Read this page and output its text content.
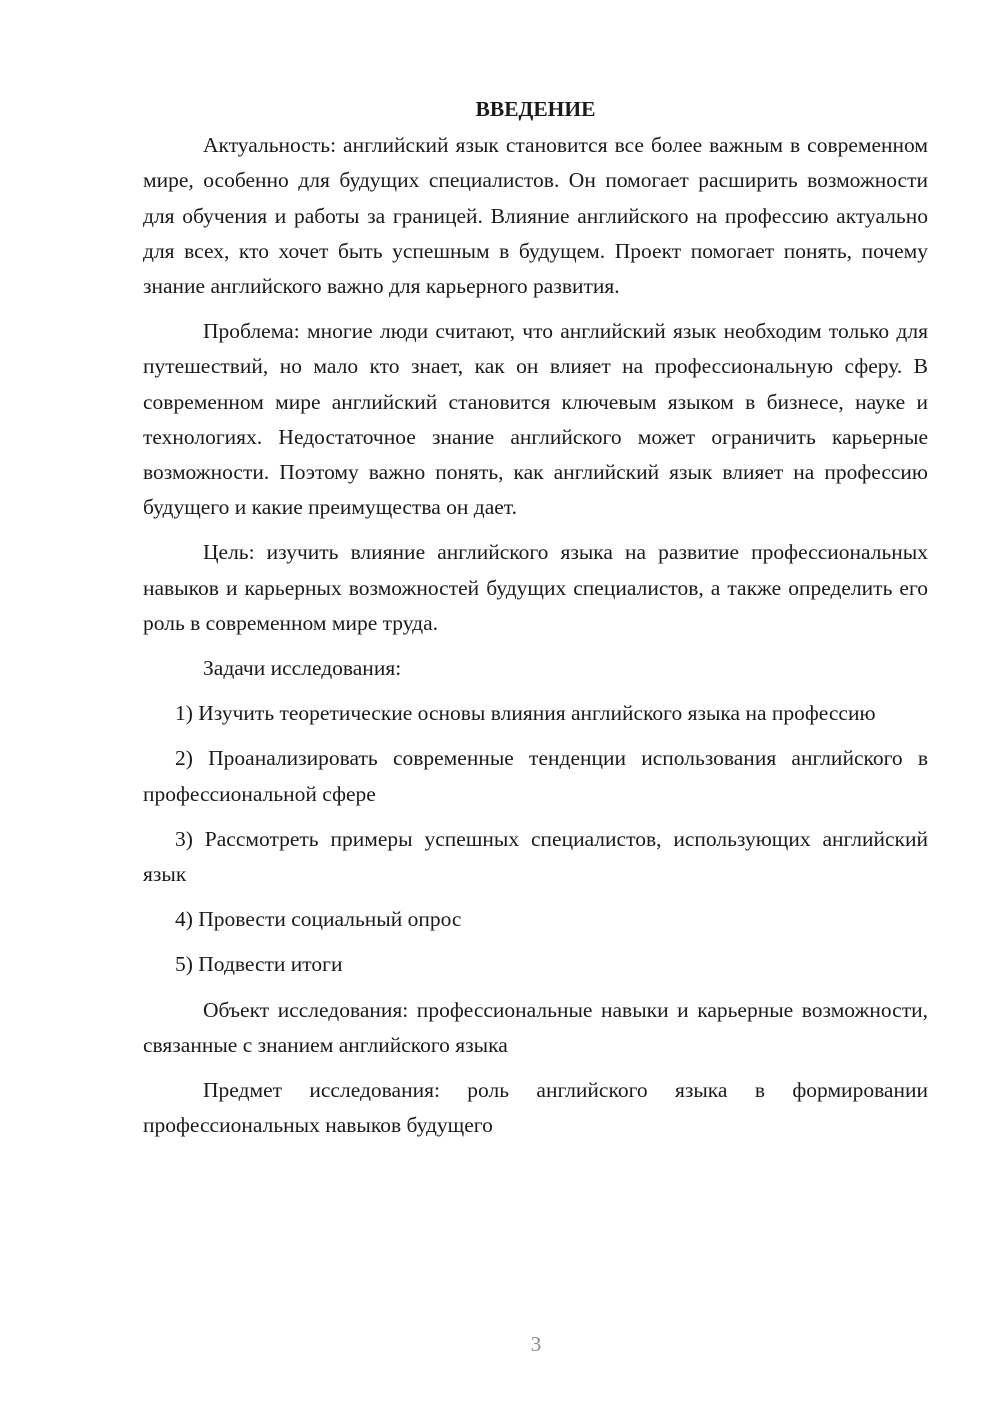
ВВЕДЕНИЕ

Актуальность: английский язык становится все более важным в современном мире, особенно для будущих специалистов. Он помогает расширить возможности для обучения и работы за границей. Влияние английского на профессию актуально для всех, кто хочет быть успешным в будущем. Проект помогает понять, почему знание английского важно для карьерного развития.

Проблема: многие люди считают, что английский язык необходим только для путешествий, но мало кто знает, как он влияет на профессиональную сферу. В современном мире английский становится ключевым языком в бизнесе, науке и технологиях. Недостаточное знание английского может ограничить карьерные возможности. Поэтому важно понять, как английский язык влияет на профессию будущего и какие преимущества он дает.

Цель: изучить влияние английского языка на развитие профессиональных навыков и карьерных возможностей будущих специалистов, а также определить его роль в современном мире труда.

Задачи исследования:

1) Изучить теоретические основы влияния английского языка на профессию

2) Проанализировать современные тенденции использования английского в профессиональной сфере

3) Рассмотреть примеры успешных специалистов, использующих английский язык

4) Провести социальный опрос

5) Подвести итоги

Объект исследования: профессиональные навыки и карьерные возможности, связанные с знанием английского языка

Предмет исследования: роль английского языка в формировании профессиональных навыков будущего

3
